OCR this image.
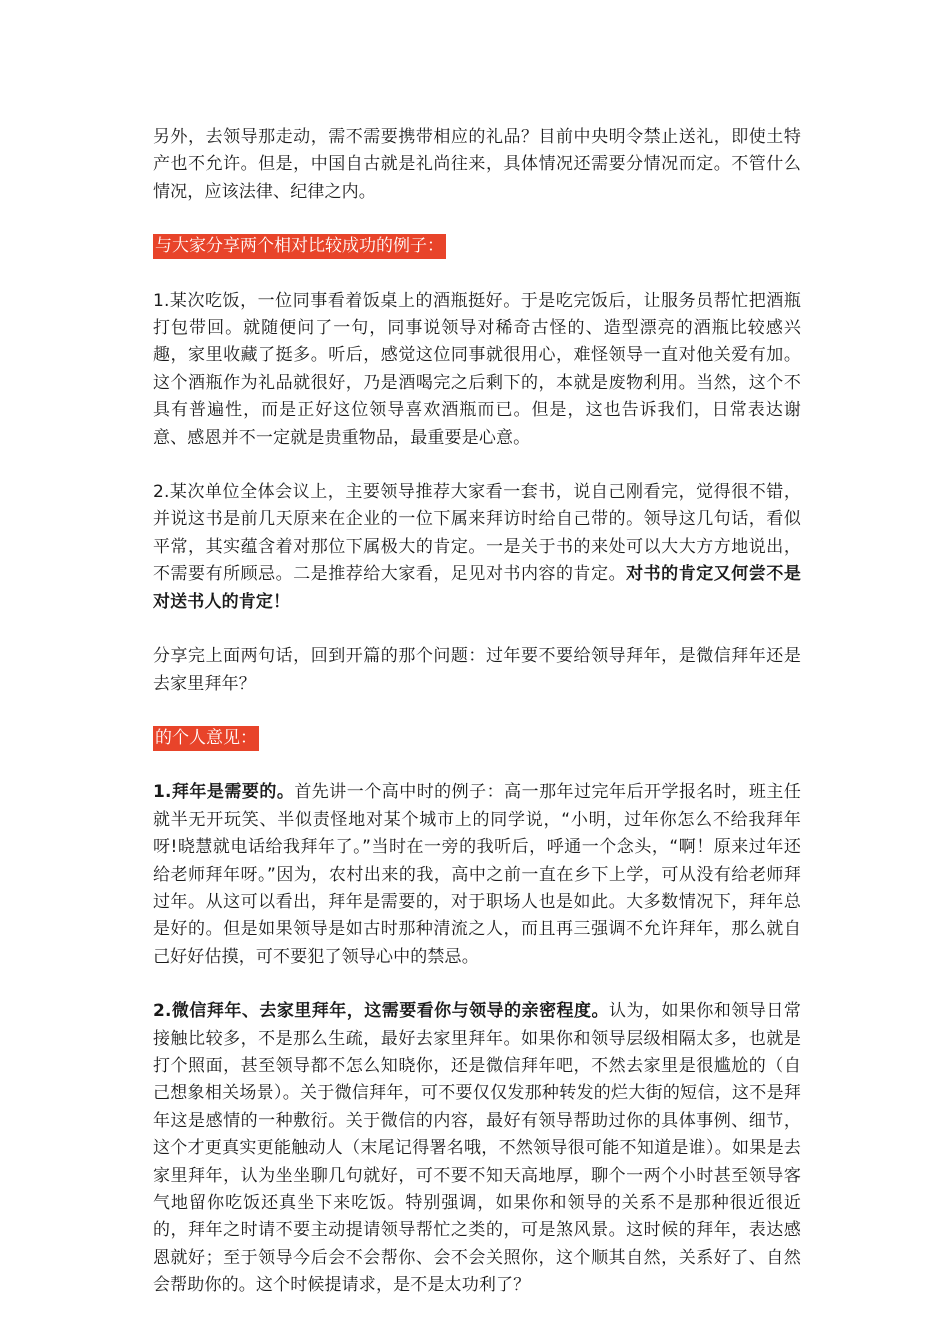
另外，去领导那走动，需不需要携带相应的礼品？目前中央明令禁止送礼，即使土特产也不允许。但是，中国自古就是礼尚往来，具体情况还需要分情况而定。不管什么情况，应该法律、纪律之内。

与大家分享两个相对比较成功的例子：

1.某次吃饭，一位同事看着饭桌上的酒瓶挺好。于是吃完饭后，让服务员帮忙把酒瓶打包带回。就随便问了一句，同事说领导对稀奇古怪的、造型漂亮的酒瓶比较感兴趣，家里收藏了挺多。听后，感觉这位同事就很用心，难怪领导一直对他关爱有加。这个酒瓶作为礼品就很好，乃是酒喝完之后剩下的，本就是废物利用。当然，这个不具有普遍性，而是正好这位领导喜欢酒瓶而已。但是，这也告诉我们，日常表达谢意、感恩并不一定就是贵重物品，最重要是心意。

2.某次单位全体会议上，主要领导推荐大家看一套书，说自己刚看完，觉得很不错，并说这书是前几天原来在企业的一位下属来拜访时给自己带的。领导这几句话，看似平常，其实蕴含着对那位下属极大的肯定。一是关于书的来处可以大大方方地说出，不需要有所顾忌。二是推荐给大家看，足见对书内容的肯定。对书的肯定又何尝不是对送书人的肯定！

分享完上面两句话，回到开篇的那个问题：过年要不要给领导拜年，是微信拜年还是去家里拜年？

的个人意见：

1.拜年是需要的。首先讲一个高中时的例子：高一那年过完年后开学报名时，班主任就半无开玩笑、半似责怪地对某个城市上的同学说，“小明，过年你怎么不给我拜年呀!晓慧就电话给我拜年了。”当时在一旁的我听后，呼通一个念头，“啊！原来过年还给老师拜年呀。”因为，农村出来的我，高中之前一直在乡下上学，可从没有给老师拜过年。从这可以看出，拜年是需要的，对于职场人也是如此。大多数情况下，拜年总是好的。但是如果领导是如古时那种清流之人，而且再三强调不允许拜年，那么就自己好好估摸，可不要犯了领导心中的禁忌。

2.微信拜年、去家里拜年，这需要看你与领导的亲密程度。认为，如果你和领导日常接触比较多，不是那么生疏，最好去家里拜年。如果你和领导层级相隔太多，也就是打个照面，甚至领导都不怎么知晓你，还是微信拜年吧，不然去家里是很尴尬的（自己想象相关场景）。关于微信拜年，可不要仅仅发那种转发的烂大街的短信，这不是拜年这是感情的一种敷衍。关于微信的内容，最好有领导帮助过你的具体事例、细节，这个才更真实更能触动人（末尾记得署名哦，不然领导很可能不知道是谁）。如果是去家里拜年，认为坐坐聊几句就好，可不要不知天高地厚，聊个一两个小时甚至领导客气地留你吃饭还真坐下来吃饭。特别强调，如果你和领导的关系不是那种很近很近的，拜年之时请不要主动提请领导帮忙之类的，可是煞风景。这时候的拜年，表达感恩就好；至于领导今后会不会帮你、会不会关照你，这个顺其自然，关系好了、自然会帮助你的。这个时候提请求，是不是太功利了？
